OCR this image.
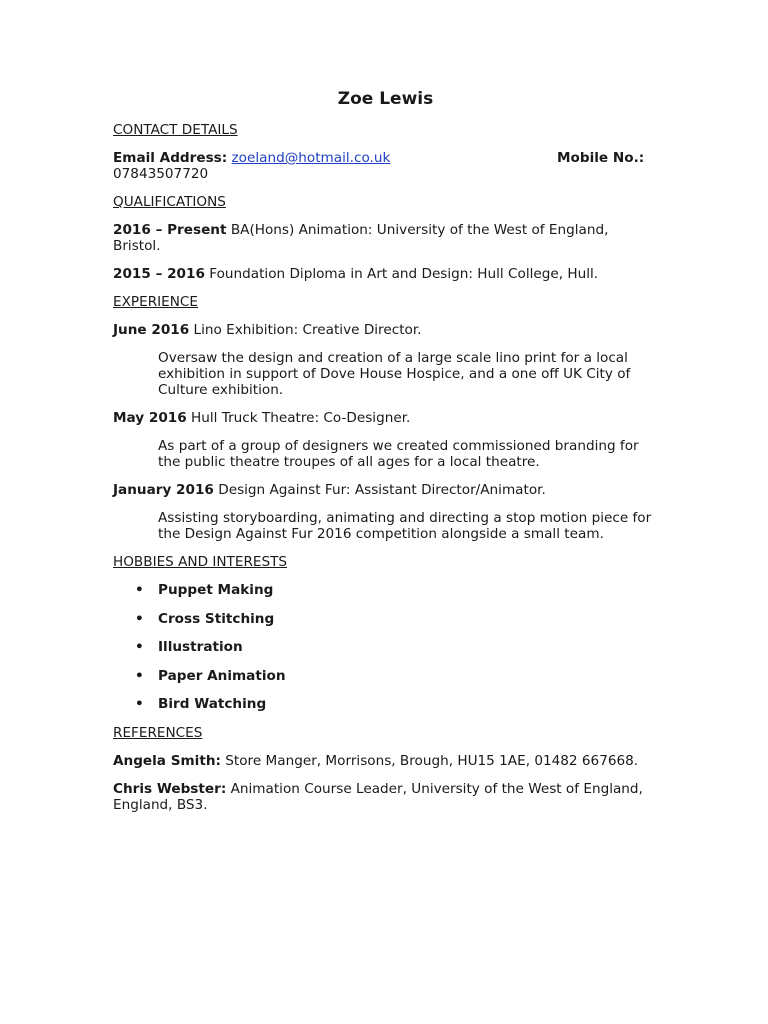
Zoe Lewis
CONTACT DETAILS
Email Address: zoeland@hotmail.co.uk	Mobile No.:

07843507720
QUALIFICATIONS
2016 – Present BA(Hons) Animation: University of the West of England, Bristol.
2015 – 2016 Foundation Diploma in Art and Design: Hull College, Hull.
EXPERIENCE
June 2016 Lino Exhibition: Creative Director.
Oversaw the design and creation of a large scale lino print for a local exhibition in support of Dove House Hospice, and a one off UK City of Culture exhibition.
May 2016 Hull Truck Theatre: Co-Designer.
As part of a group of designers we created commissioned branding for the public theatre troupes of all ages for a local theatre.
January 2016 Design Against Fur: Assistant Director/Animator.
Assisting storyboarding, animating and directing a stop motion piece for the Design Against Fur 2016 competition alongside a small team.
HOBBIES AND INTERESTS
• Puppet Making
• Cross Stitching
• Illustration
• Paper Animation
• Bird Watching
REFERENCES
Angela Smith: Store Manger, Morrisons, Brough, HU15 1AE, 01482 667668.
Chris Webster: Animation Course Leader, University of the West of England, England, BS3.
